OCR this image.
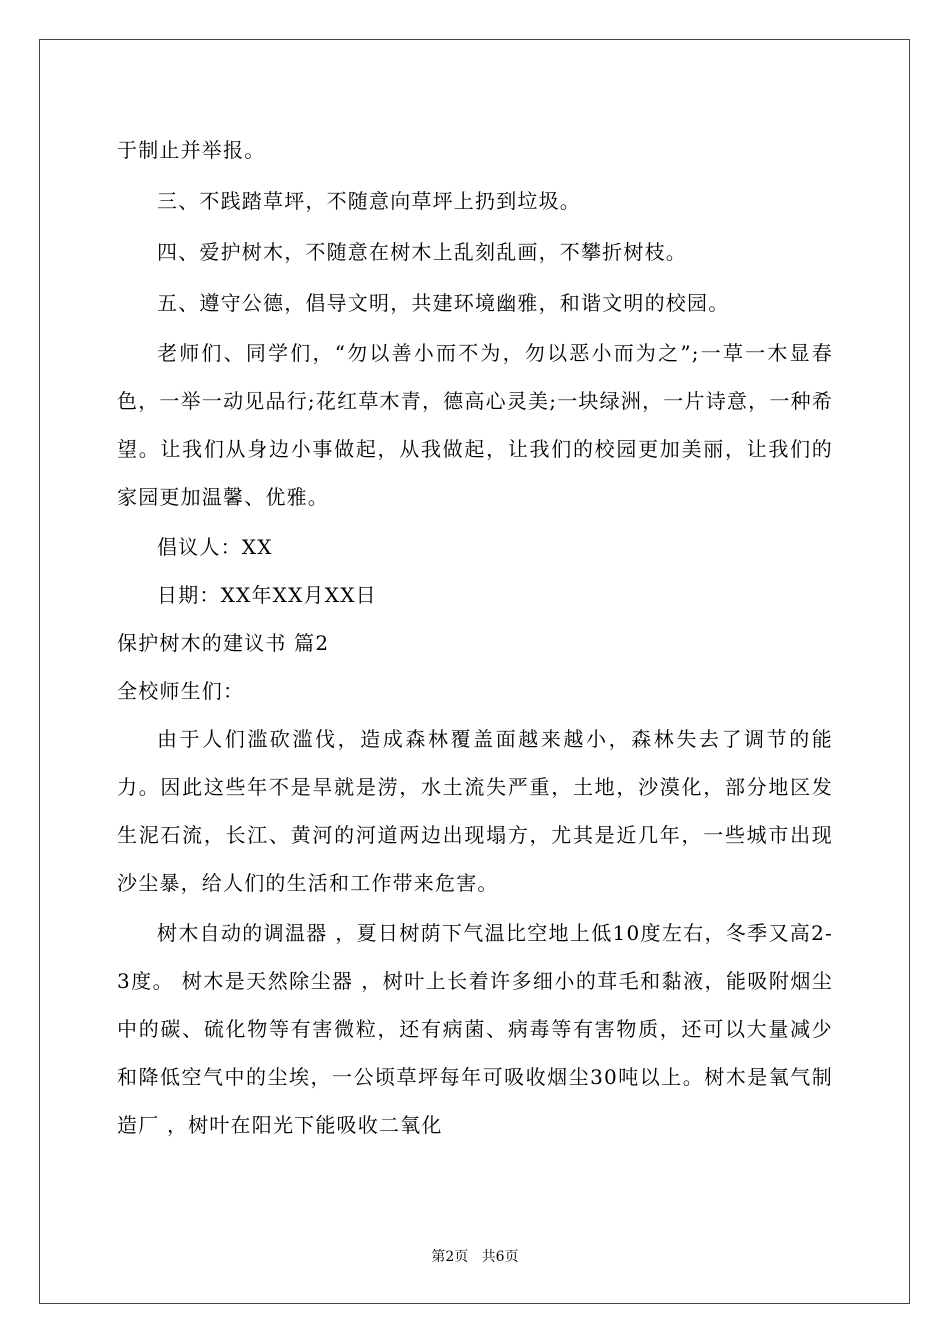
于制止并举报。
三、不践踏草坪，不随意向草坪上扔到垃圾。
四、爱护树木，不随意在树木上乱刻乱画，不攀折树枝。
五、遵守公德，倡导文明，共建环境幽雅，和谐文明的校园。

老师们、同学们，“勿以善小而不为，勿以恶小而为之”;一草一木显春色，一举一动见品行;花红草木青，德高心灵美;一块绿洲，一片诗意，一种希望。让我们从身边小事做起，从我做起，让我们的校园更加美丽，让我们的家园更加温馨、优雅。

倡议人：XX
日期：XX年XX月XX日
保护树木的建议书 篇2
全校师生们：

由于人们滥砍滥伐，造成森林覆盖面越来越小，森林失去了调节的能力。因此这些年不是旱就是涝，水土流失严重，土地，沙漠化，部分地区发生泥石流，长江、黄河的河道两边出现塌方，尤其是近几年，一些城市出现沙尘暴，给人们的生活和工作带来危害。

树木自动的调温器 ，夏日树荫下气温比空地上低10度左右，冬季又高2-3度。 树木是天然除尘器 ，树叶上长着许多细小的茸毛和黏液，能吸附烟尘中的碳、硫化物等有害微粒，还有病菌、病毒等有害物质，还可以大量减少和降低空气中的尘埃，一公顷草坪每年可吸收烟尘30吨以上。树木是氧气制造厂 ，树叶在阳光下能吸收二氧化

第2页 共6页
